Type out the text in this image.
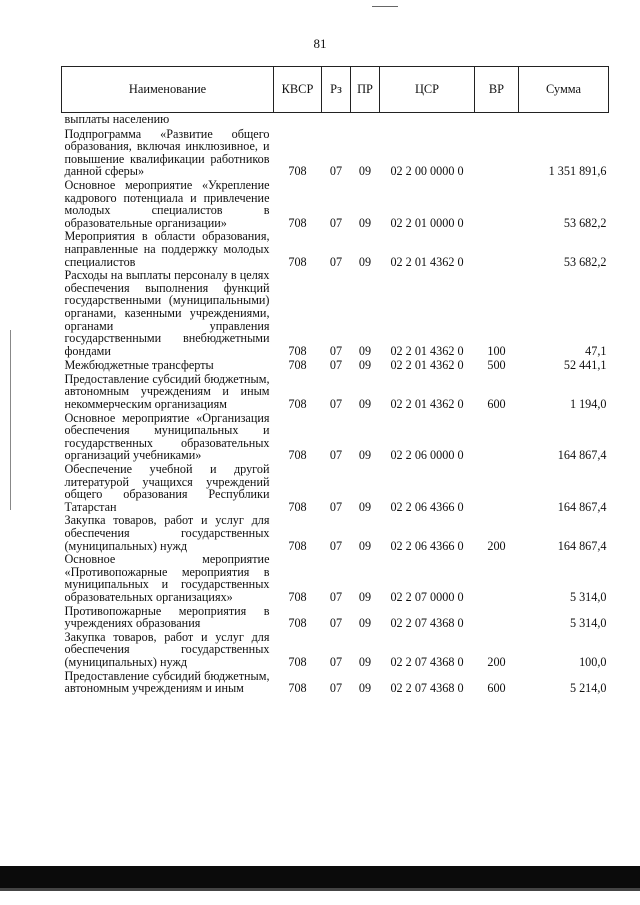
81
Наименование	КВСР	Рз	ПР	ЦСР	ВР	Сумма
выплаты населению						
Подпрограмма «Развитие общего образования, включая инклюзивное, и повышение квалификации работников данной сферы»	708	07	09	02 2 00 0000 0		1 351 891,6
Основное мероприятие «Укрепление кадрового потенциала и привлечение молодых специалистов в образовательные организации»	708	07	09	02 2 01 0000 0		53 682,2
Мероприятия в области образования, направленные на поддержку молодых специалистов	708	07	09	02 2 01 4362 0		53 682,2
Расходы на выплаты персоналу в целях обеспечения выполнения функций государственными (муниципальными) органами, казенными учреждениями, органами управления государственными внебюджетными фондами	708	07	09	02 2 01 4362 0	100	47,1
Межбюджетные трансферты	708	07	09	02 2 01 4362 0	500	52 441,1
Предоставление субсидий бюджетным, автономным учреждениям и иным некоммерческим организациям	708	07	09	02 2 01 4362 0	600	1 194,0
Основное мероприятие «Организация обеспечения муниципальных и государственных образовательных организаций учебниками»	708	07	09	02 2 06 0000 0		164 867,4
Обеспечение учебной и другой литературой учащихся учреждений общего образования Республики Татарстан	708	07	09	02 2 06 4366 0		164 867,4
Закупка товаров, работ и услуг для обеспечения государственных (муниципальных) нужд	708	07	09	02 2 06 4366 0	200	164 867,4
Основное мероприятие «Противопожарные мероприятия в муниципальных и государственных образовательных организациях»	708	07	09	02 2 07 0000 0		5 314,0
Противопожарные мероприятия в учреждениях образования	708	07	09	02 2 07 4368 0		5 314,0
Закупка товаров, работ и услуг для обеспечения государственных (муниципальных) нужд	708	07	09	02 2 07 4368 0	200	100,0
Предоставление субсидий бюджетным, автономным учреждениям и иным	708	07	09	02 2 07 4368 0	600	5 214,0
